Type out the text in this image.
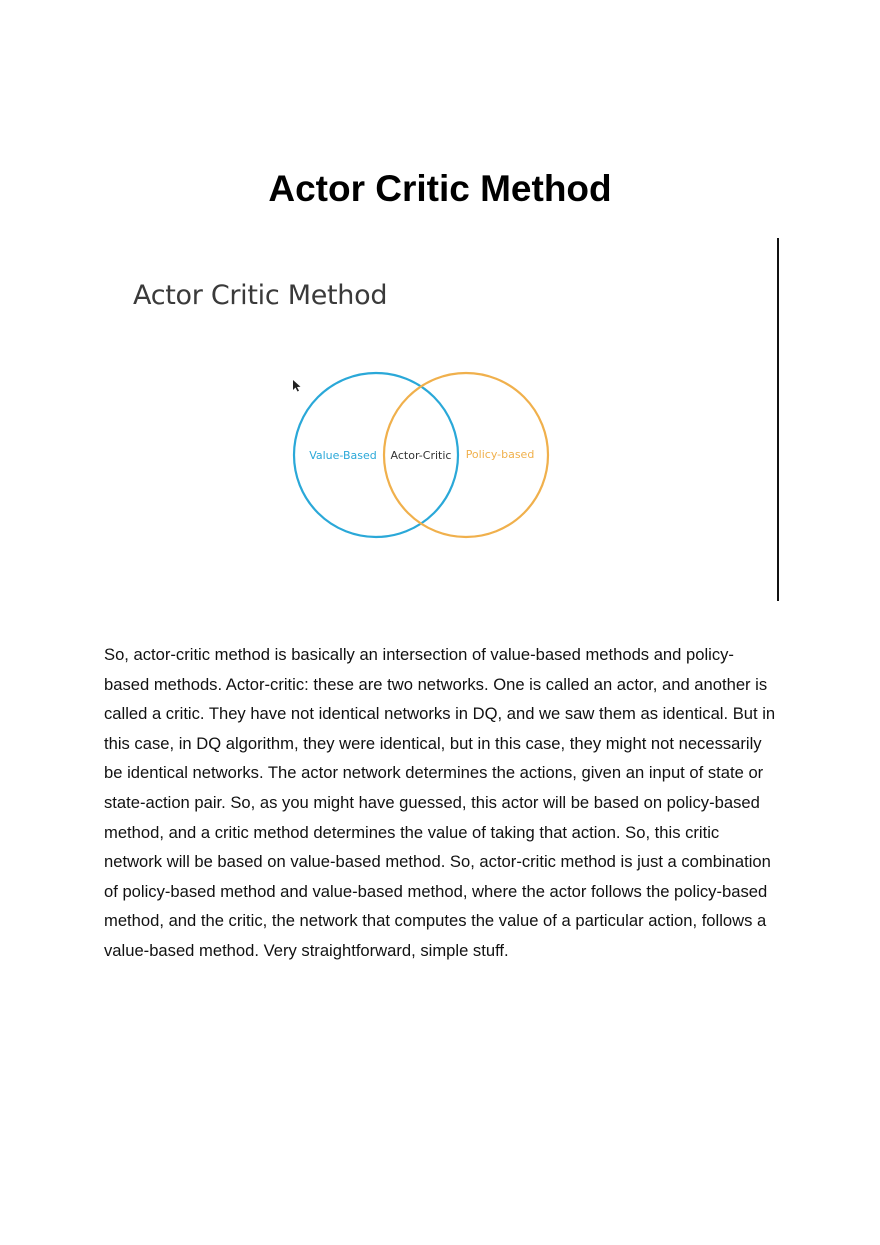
Actor Critic Method
Actor Critic Method
Value-Based Actor-Critic Policy-based

So, actor-critic method is basically an intersection of value-based methods and policy-based methods. Actor-critic: these are two networks. One is called an actor, and another is called a critic. They have not identical networks in DQ, and we saw them as identical. But in this case, in DQ algorithm, they were identical, but in this case, they might not necessarily be identical networks. The actor network determines the actions, given an input of state or state-action pair. So, as you might have guessed, this actor will be based on policy-based method, and a critic method determines the value of taking that action. So, this critic network will be based on value-based method. So, actor-critic method is just a combination of policy-based method and value-based method, where the actor follows the policy-based method, and the critic, the network that computes the value of a particular action, follows a value-based method. Very straightforward, simple stuff.
